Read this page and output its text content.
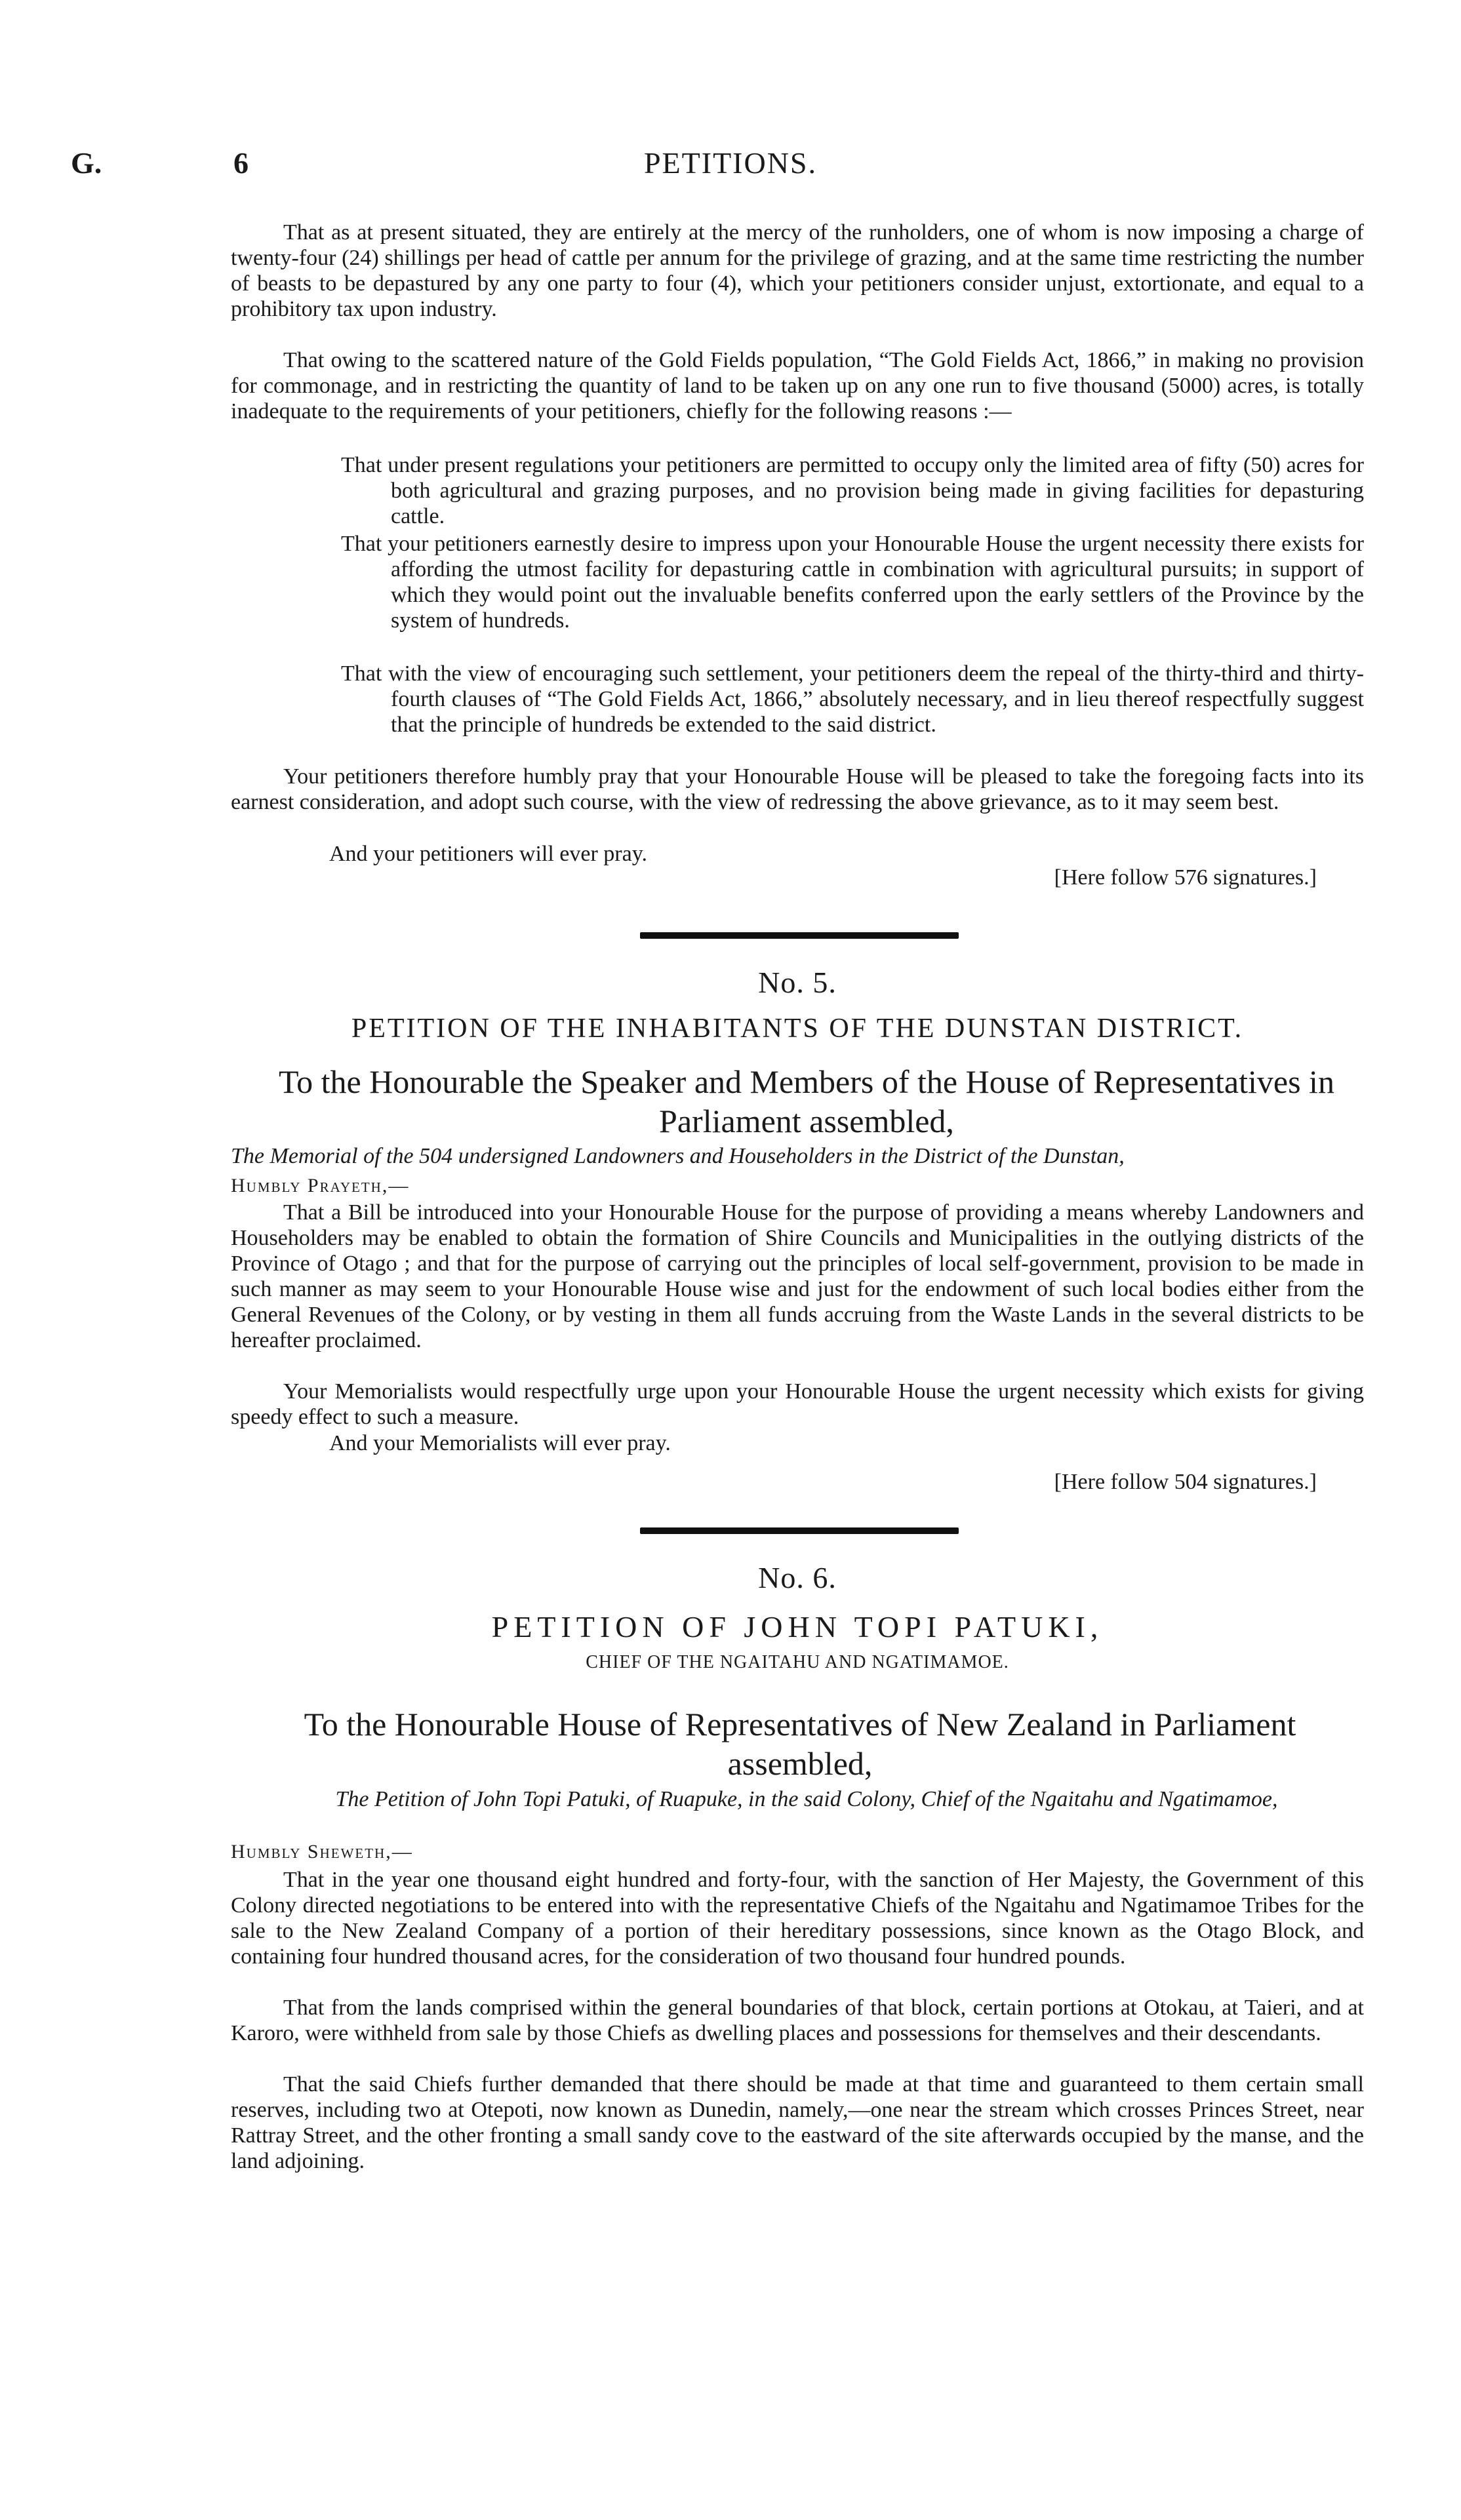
G.	6	PETITIONS.

That as at present situated, they are entirely at the mercy of the runholders, one of whom is now imposing a charge of twenty-four (24) shillings per head of cattle per annum for the privilege of grazing, and at the same time restricting the number of beasts to be depastured by any one party to four (4), which your petitioners consider unjust, extortionate, and equal to a prohibitory tax upon industry.

That owing to the scattered nature of the Gold Fields population, “The Gold Fields Act, 1866,” in making no provision for commonage, and in restricting the quantity of land to be taken up on any one run to five thousand (5000) acres, is totally inadequate to the requirements of your petitioners, chiefly for the following reasons :—

That under present regulations your petitioners are permitted to occupy only the limited area of fifty (50) acres for both agricultural and grazing purposes, and no provision being made in giving facilities for depasturing cattle.

That your petitioners earnestly desire to impress upon your Honourable House the urgent necessity there exists for affording the utmost facility for depasturing cattle in combination with agricultural pursuits; in support of which they would point out the invaluable benefits conferred upon the early settlers of the Province by the system of hundreds.

That with the view of encouraging such settlement, your petitioners deem the repeal of the thirty-third and thirty-fourth clauses of “The Gold Fields Act, 1866,” absolutely necessary, and in lieu thereof respectfully suggest that the principle of hundreds be extended to the said district.

Your petitioners therefore humbly pray that your Honourable House will be pleased to take the foregoing facts into its earnest consideration, and adopt such course, with the view of redressing the above grievance, as to it may seem best.

And your petitioners will ever pray.

[Here follow 576 signatures.]

No. 5.

PETITION OF THE INHABITANTS OF THE DUNSTAN DISTRICT.

To the Honourable the Speaker and Members of the House of Representatives in Parliament assembled,

The Memorial of the 504 undersigned Landowners and Householders in the District of the Dunstan,

Humbly Prayeth,—

That a Bill be introduced into your Honourable House for the purpose of providing a means whereby Landowners and Householders may be enabled to obtain the formation of Shire Councils and Municipalities in the outlying districts of the Province of Otago ; and that for the purpose of carrying out the principles of local self-government, provision to be made in such manner as may seem to your Honourable House wise and just for the endowment of such local bodies either from the General Revenues of the Colony, or by vesting in them all funds accruing from the Waste Lands in the several districts to be hereafter proclaimed.

Your Memorialists would respectfully urge upon your Honourable House the urgent necessity which exists for giving speedy effect to such a measure.

And your Memorialists will ever pray.

[Here follow 504 signatures.]

No. 6.

PETITION OF JOHN TOPI PATUKI,

CHIEF OF THE NGAITAHU AND NGATIMAMOE.

To the Honourable House of Representatives of New Zealand in Parliament assembled,

The Petition of John Topi Patuki, of Ruapuke, in the said Colony, Chief of the Ngaitahu and Ngatimamoe,

Humbly Sheweth,—

That in the year one thousand eight hundred and forty-four, with the sanction of Her Majesty, the Government of this Colony directed negotiations to be entered into with the representative Chiefs of the Ngaitahu and Ngatimamoe Tribes for the sale to the New Zealand Company of a portion of their hereditary possessions, since known as the Otago Block, and containing four hundred thousand acres, for the consideration of two thousand four hundred pounds.

That from the lands comprised within the general boundaries of that block, certain portions at Otokau, at Taieri, and at Karoro, were withheld from sale by those Chiefs as dwelling places and possessions for themselves and their descendants.

That the said Chiefs further demanded that there should be made at that time and guaranteed to them certain small reserves, including two at Otepoti, now known as Dunedin, namely,—one near the stream which crosses Princes Street, near Rattray Street, and the other fronting a small sandy cove to the eastward of the site afterwards occupied by the manse, and the land adjoining.
